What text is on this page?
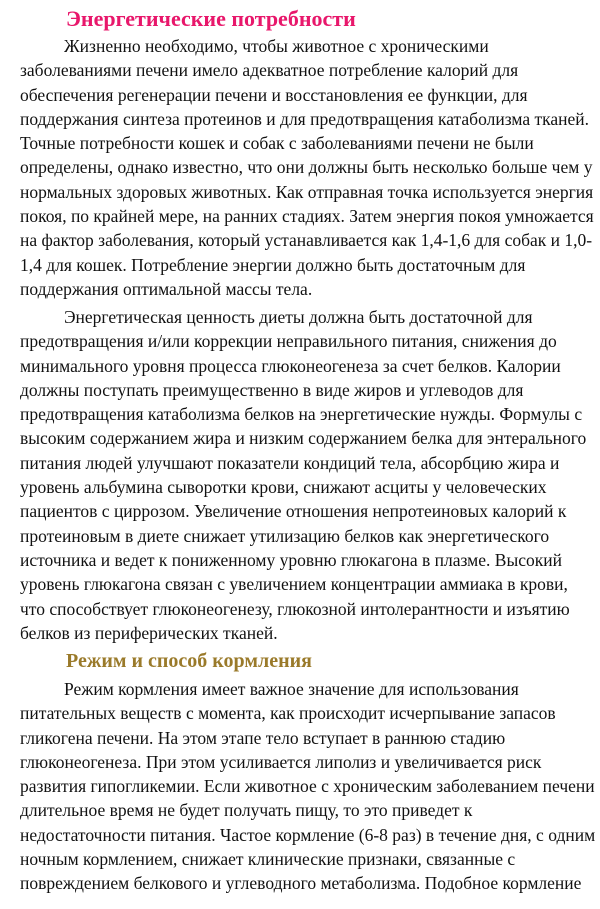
Энергетические потребности

Жизненно необходимо, чтобы животное с хроническими
заболеваниями печени имело адекватное потребление калорий для
обеспечения регенерации печени и восстановления ее функции, для
поддержания синтеза протеинов и для предотвращения катаболизма тканей.
Точные потребности кошек и собак с заболеваниями печени не были
определены, однако известно, что они должны быть несколько больше чем у
нормальных здоровых животных. Как отправная точка используется энергия
покоя, по крайней мере, на ранних стадиях. Затем энергия покоя умножается
на фактор заболевания, который устанавливается как 1,4-1,6 для собак и 1,0-
1,4 для кошек. Потребление энергии должно быть достаточным для
поддержания оптимальной массы тела.

Энергетическая ценность диеты должна быть достаточной для
предотвращения и/или коррекции неправильного питания, снижения до
минимального уровня процесса глюконеогенеза за счет белков. Калории
должны поступать преимущественно в виде жиров и углеводов для
предотвращения катаболизма белков на энергетические нужды. Формулы с
высоким содержанием жира и низким содержанием белка для энтерального
питания людей улучшают показатели кондиций тела, абсорбцию жира и
уровень альбумина сыворотки крови, снижают асциты у человеческих
пациентов с циррозом. Увеличение отношения непротеиновых калорий к
протеиновым в диете снижает утилизацию белков как энергетического
источника и ведет к пониженному уровню глюкагона в плазме. Высокий
уровень глюкагона связан с увеличением концентрации аммиака в крови,
что способствует глюконеогенезу, глюкозной интолерантности и изъятию
белков из периферических тканей.

Режим и способ кормления

Режим кормления имеет важное значение для использования
питательных веществ с момента, как происходит исчерпывание запасов
гликогена печени. На этом этапе тело вступает в раннюю стадию
глюконеогенеза. При этом усиливается липолиз и увеличивается риск
развития гипогликемии. Если животное с хроническим заболеванием печени
длительное время не будет получать пищу, то это приведет к
недостаточности питания. Частое кормление (6-8 раз) в течение дня, с одним
ночным кормлением, снижает клинические признаки, связанные с
повреждением белкового и углеводного метаболизма. Подобное кормление
